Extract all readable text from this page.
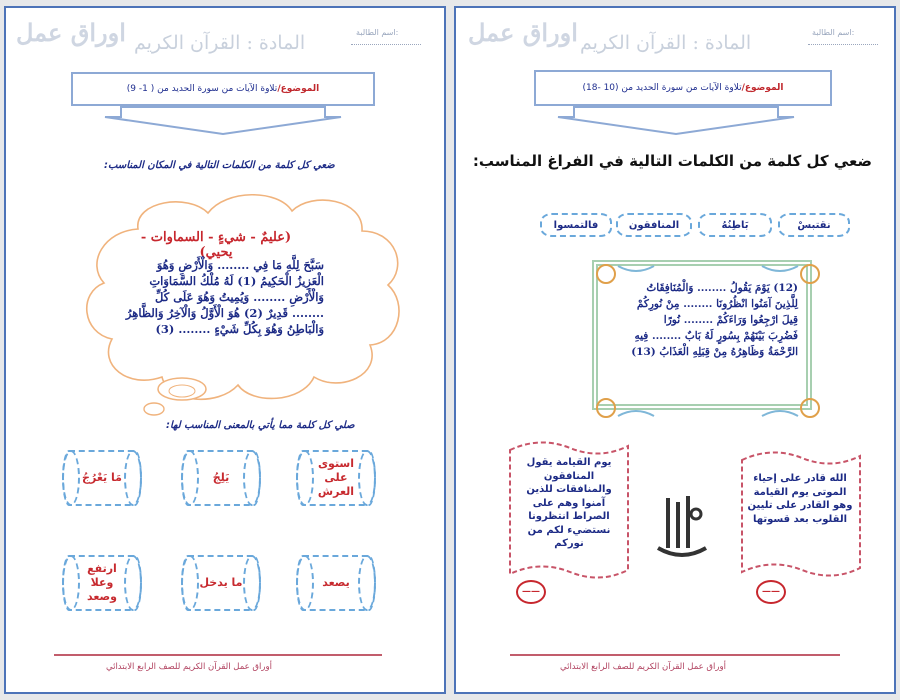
اوراق عمل المادة : القرآن الكريم	اسم الطالبة:
الموضوع/
تلاوة الآيات من سورة الحديد من ( 1- 9)
ضعي كل كلمة من الكلمات التالية في المكان المناسب:
(عليمٌ - شيءٍ - السماوات - يحيي)
سَبَّحَ لِلَّهِ مَا فِي ........ وَالْأَرْضِ وَهُوَ
الْعَزِيزُ الْحَكِيمُ (1) لَهُ مُلْكُ السَّمَاوَاتِ
وَالْأَرْضِ ........ وَيُمِيتُ وَهُوَ عَلَى كُلِّ
........ قَدِيرٌ (2) هُوَ الْأَوَّلُ وَالْآخِرُ وَالظَّاهِرُ
وَالْبَاطِنُ وَهُوَ بِكُلِّ شَيْءٍ ........ (3)
صلي كل كلمة مما يأتي بالمعنى المناسب لها:
استوى على العرش
يَلِجُ
مَا يَعْرُجُ
يصعد
ما يدخل
ارتفع وعلا وصعد
أوراق عمل القرآن الكريم للصف الرابع الابتدائي
اوراق عمل المادة : القرآن الكريم	اسم الطالبة:
الموضوع/
تلاوة الآيات من سورة الحديد من (10 -18)
ضعي كل كلمة من الكلمات التالية في الفراغ المناسب:
نقتبسْ
بَاطِنُهُ
المنافقون
فالتمسوا
(12) يَوْمَ يَقُولُ ........ وَالْمُنَافِقَاتُ
لِلَّذِينَ آمَنُوا انْظُرُونَا ........ مِنْ نُورِكُمْ
قِيلَ ارْجِعُوا وَرَاءَكُمْ ........ نُورًا
فَضُرِبَ بَيْنَهُمْ بِسُورٍ لَهُ بَابٌ ........ فِيهِ
الرَّحْمَةُ وَظَاهِرُهُ مِنْ قِبَلِهِ الْعَذَابُ (13)
يوم القيامة يقول المنافقون والمنافقات للذين آمنوا وهم على الصراط انتظرونا نستضيء لكم من نوركم
——
الله قادر على إحياء الموتى يوم القيامة وهو القادر على تليين القلوب بعد قسوتها
——
أوراق عمل القرآن الكريم للصف الرابع الابتدائي
